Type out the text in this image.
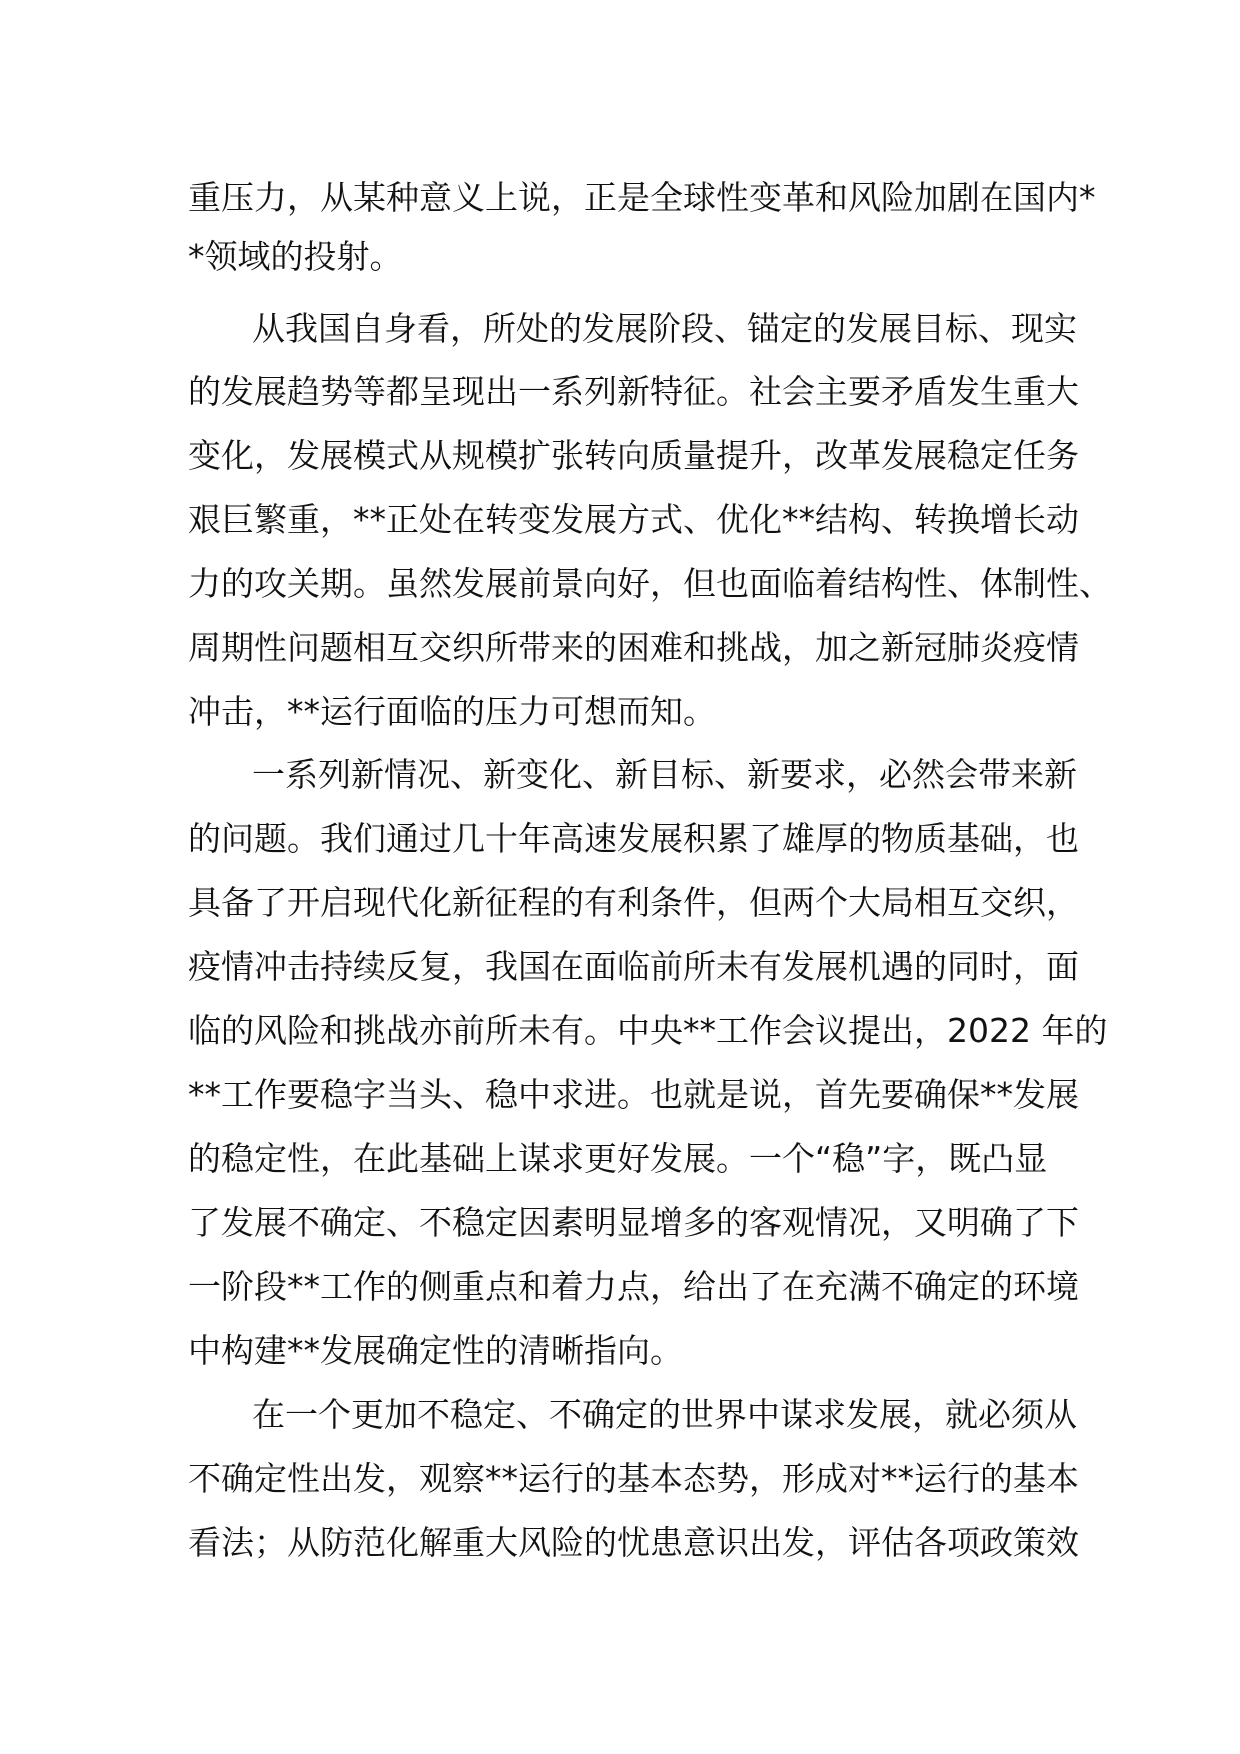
重压力，从某种意义上说，正是全球性变革和风险加剧在国内*
*领域的投射。
从我国自身看，所处的发展阶段、锚定的发展目标、现实
的发展趋势等都呈现出一系列新特征。社会主要矛盾发生重大
变化，发展模式从规模扩张转向质量提升，改革发展稳定任务
艰巨繁重，**正处在转变发展方式、优化**结构、转换增长动
力的攻关期。虽然发展前景向好，但也面临着结构性、体制性、
周期性问题相互交织所带来的困难和挑战，加之新冠肺炎疫情
冲击，**运行面临的压力可想而知。
一系列新情况、新变化、新目标、新要求，必然会带来新
的问题。我们通过几十年高速发展积累了雄厚的物质基础，也
具备了开启现代化新征程的有利条件，但两个大局相互交织，
疫情冲击持续反复，我国在面临前所未有发展机遇的同时，面
临的风险和挑战亦前所未有。中央**工作会议提出，2022 年的
**工作要稳字当头、稳中求进。也就是说，首先要确保**发展
的稳定性，在此基础上谋求更好发展。一个“稳”字，既凸显
了发展不确定、不稳定因素明显增多的客观情况，又明确了下
一阶段**工作的侧重点和着力点，给出了在充满不确定的环境
中构建**发展确定性的清晰指向。
在一个更加不稳定、不确定的世界中谋求发展，就必须从
不确定性出发，观察**运行的基本态势，形成对**运行的基本
看法；从防范化解重大风险的忧患意识出发，评估各项政策效
